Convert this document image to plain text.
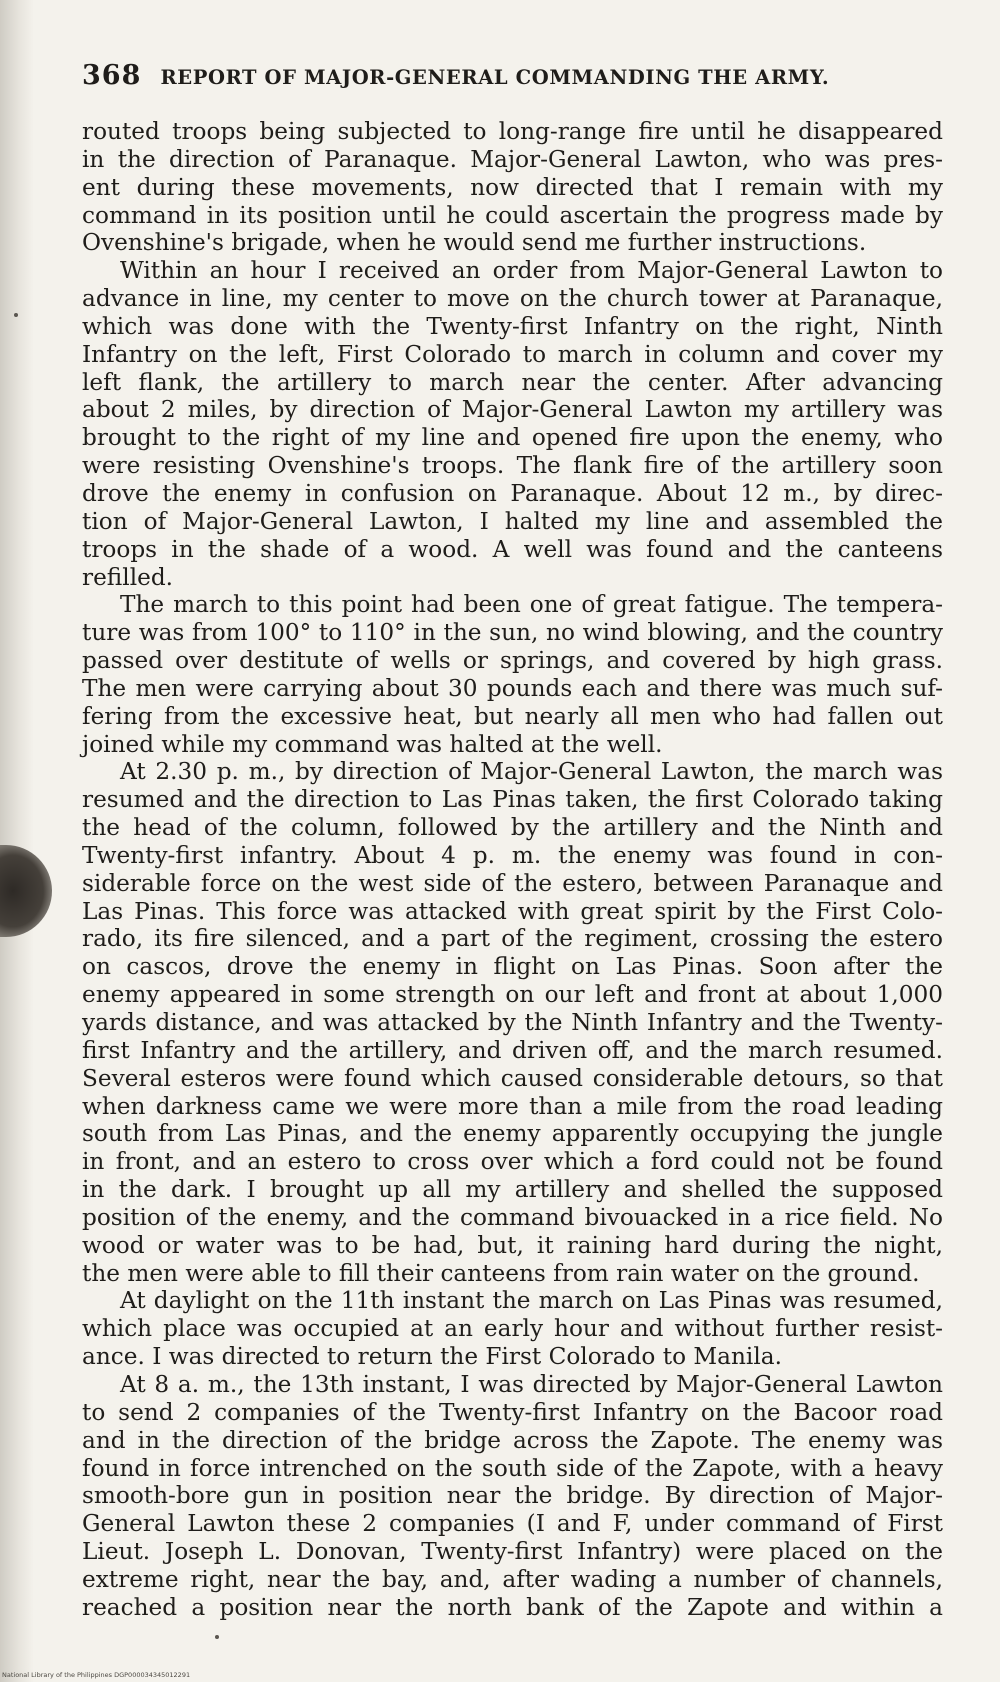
368 REPORT OF MAJOR-GENERAL COMMANDING THE ARMY.
routed troops being subjected to long-range fire until he disappeared
in the direction of Paranaque. Major-General Lawton, who was pres-
ent during these movements, now directed that I remain with my
command in its position until he could ascertain the progress made by
Ovenshine's brigade, when he would send me further instructions.
Within an hour I received an order from Major-General Lawton to
advance in line, my center to move on the church tower at Paranaque,
which was done with the Twenty-first Infantry on the right, Ninth
Infantry on the left, First Colorado to march in column and cover my
left flank, the artillery to march near the center. After advancing
about 2 miles, by direction of Major-General Lawton my artillery was
brought to the right of my line and opened fire upon the enemy, who
were resisting Ovenshine's troops. The flank fire of the artillery soon
drove the enemy in confusion on Paranaque. About 12 m., by direc-
tion of Major-General Lawton, I halted my line and assembled the
troops in the shade of a wood. A well was found and the canteens
refilled.
The march to this point had been one of great fatigue. The tempera-
ture was from 100° to 110° in the sun, no wind blowing, and the country
passed over destitute of wells or springs, and covered by high grass.
The men were carrying about 30 pounds each and there was much suf-
fering from the excessive heat, but nearly all men who had fallen out
joined while my command was halted at the well.
At 2.30 p. m., by direction of Major-General Lawton, the march was
resumed and the direction to Las Pinas taken, the first Colorado taking
the head of the column, followed by the artillery and the Ninth and
Twenty-first infantry. About 4 p. m. the enemy was found in con-
siderable force on the west side of the estero, between Paranaque and
Las Pinas. This force was attacked with great spirit by the First Colo-
rado, its fire silenced, and a part of the regiment, crossing the estero
on cascos, drove the enemy in flight on Las Pinas. Soon after the
enemy appeared in some strength on our left and front at about 1,000
yards distance, and was attacked by the Ninth Infantry and the Twenty-
first Infantry and the artillery, and driven off, and the march resumed.
Several esteros were found which caused considerable detours, so that
when darkness came we were more than a mile from the road leading
south from Las Pinas, and the enemy apparently occupying the jungle
in front, and an estero to cross over which a ford could not be found
in the dark. I brought up all my artillery and shelled the supposed
position of the enemy, and the command bivouacked in a rice field. No
wood or water was to be had, but, it raining hard during the night,
the men were able to fill their canteens from rain water on the ground.
At daylight on the 11th instant the march on Las Pinas was resumed,
which place was occupied at an early hour and without further resist-
ance. I was directed to return the First Colorado to Manila.
At 8 a. m., the 13th instant, I was directed by Major-General Lawton
to send 2 companies of the Twenty-first Infantry on the Bacoor road
and in the direction of the bridge across the Zapote. The enemy was
found in force intrenched on the south side of the Zapote, with a heavy
smooth-bore gun in position near the bridge. By direction of Major-
General Lawton these 2 companies (I and F, under command of First
Lieut. Joseph L. Donovan, Twenty-first Infantry) were placed on the
extreme right, near the bay, and, after wading a number of channels,
reached a position near the north bank of the Zapote and within a
National Library of the Philippines DGP000034345012291
